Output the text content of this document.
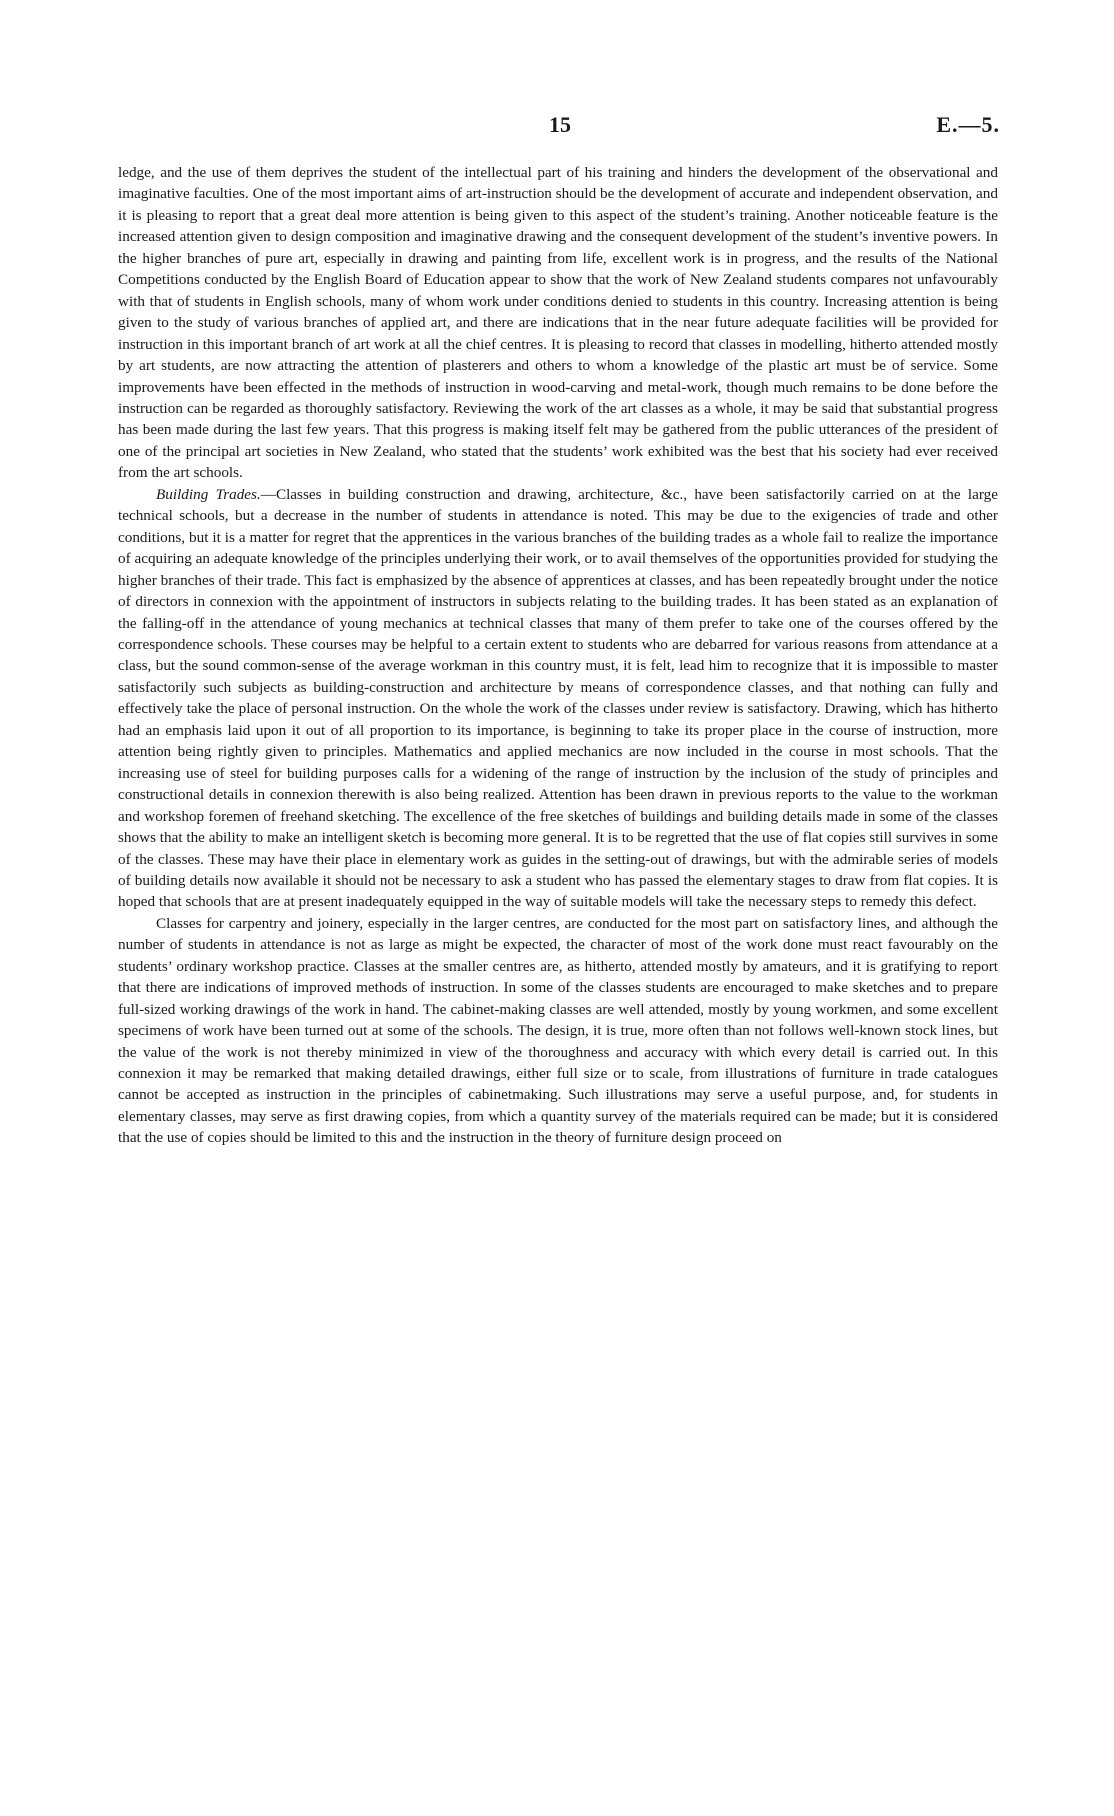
15	E.—5.

ledge, and the use of them deprives the student of the intellectual part of his training and hinders the development of the observational and imaginative faculties. One of the most important aims of art-instruction should be the development of accurate and independent observation, and it is pleasing to report that a great deal more attention is being given to this aspect of the student’s training. Another noticeable feature is the increased attention given to design composition and imaginative drawing and the consequent development of the student’s inventive powers. In the higher branches of pure art, especially in drawing and painting from life, excellent work is in progress, and the results of the National Competitions conducted by the English Board of Education appear to show that the work of New Zealand students compares not unfavourably with that of students in English schools, many of whom work under conditions denied to students in this country. Increasing attention is being given to the study of various branches of applied art, and there are indications that in the near future adequate facilities will be provided for instruction in this important branch of art work at all the chief centres. It is pleasing to record that classes in modelling, hitherto attended mostly by art students, are now attracting the attention of plasterers and others to whom a knowledge of the plastic art must be of service. Some improvements have been effected in the methods of instruction in wood-carving and metal-work, though much remains to be done before the instruction can be regarded as thoroughly satisfactory. Reviewing the work of the art classes as a whole, it may be said that substantial progress has been made during the last few years. That this progress is making itself felt may be gathered from the public utterances of the president of one of the principal art societies in New Zealand, who stated that the students’ work exhibited was the best that his society had ever received from the art schools.

Building Trades.—Classes in building construction and drawing, architecture, &c., have been satisfactorily carried on at the large technical schools, but a decrease in the number of students in attendance is noted. This may be due to the exigencies of trade and other conditions, but it is a matter for regret that the apprentices in the various branches of the building trades as a whole fail to realize the importance of acquiring an adequate knowledge of the principles underlying their work, or to avail themselves of the opportunities provided for studying the higher branches of their trade. This fact is emphasized by the absence of apprentices at classes, and has been repeatedly brought under the notice of directors in connexion with the appointment of instructors in subjects relating to the building trades. It has been stated as an explanation of the falling-off in the attendance of young mechanics at technical classes that many of them prefer to take one of the courses offered by the correspondence schools. These courses may be helpful to a certain extent to students who are debarred for various reasons from attendance at a class, but the sound common-sense of the average workman in this country must, it is felt, lead him to recognize that it is impossible to master satisfactorily such subjects as building-construction and architecture by means of correspondence classes, and that nothing can fully and effectively take the place of personal instruction. On the whole the work of the classes under review is satisfactory. Drawing, which has hitherto had an emphasis laid upon it out of all proportion to its importance, is beginning to take its proper place in the course of instruction, more attention being rightly given to principles. Mathematics and applied mechanics are now included in the course in most schools. That the increasing use of steel for building purposes calls for a widening of the range of instruction by the inclusion of the study of principles and constructional details in connexion therewith is also being realized. Attention has been drawn in previous reports to the value to the workman and workshop foremen of freehand sketching. The excellence of the free sketches of buildings and building details made in some of the classes shows that the ability to make an intelligent sketch is becoming more general. It is to be regretted that the use of flat copies still survives in some of the classes. These may have their place in elementary work as guides in the setting-out of drawings, but with the admirable series of models of building details now available it should not be necessary to ask a student who has passed the elementary stages to draw from flat copies. It is hoped that schools that are at present inadequately equipped in the way of suitable models will take the necessary steps to remedy this defect.

Classes for carpentry and joinery, especially in the larger centres, are conducted for the most part on satisfactory lines, and although the number of students in attendance is not as large as might be expected, the character of most of the work done must react favourably on the students’ ordinary workshop practice. Classes at the smaller centres are, as hitherto, attended mostly by amateurs, and it is gratifying to report that there are indications of improved methods of instruction. In some of the classes students are encouraged to make sketches and to prepare full-sized working drawings of the work in hand. The cabinet-making classes are well attended, mostly by young workmen, and some excellent specimens of work have been turned out at some of the schools. The design, it is true, more often than not follows well-known stock lines, but the value of the work is not thereby minimized in view of the thoroughness and accuracy with which every detail is carried out. In this connexion it may be remarked that making detailed drawings, either full size or to scale, from illustrations of furniture in trade catalogues cannot be accepted as instruction in the principles of cabinetmaking. Such illustrations may serve a useful purpose, and, for students in elementary classes, may serve as first drawing copies, from which a quantity survey of the materials required can be made; but it is considered that the use of copies should be limited to this and the instruction in the theory of furniture design proceed on
